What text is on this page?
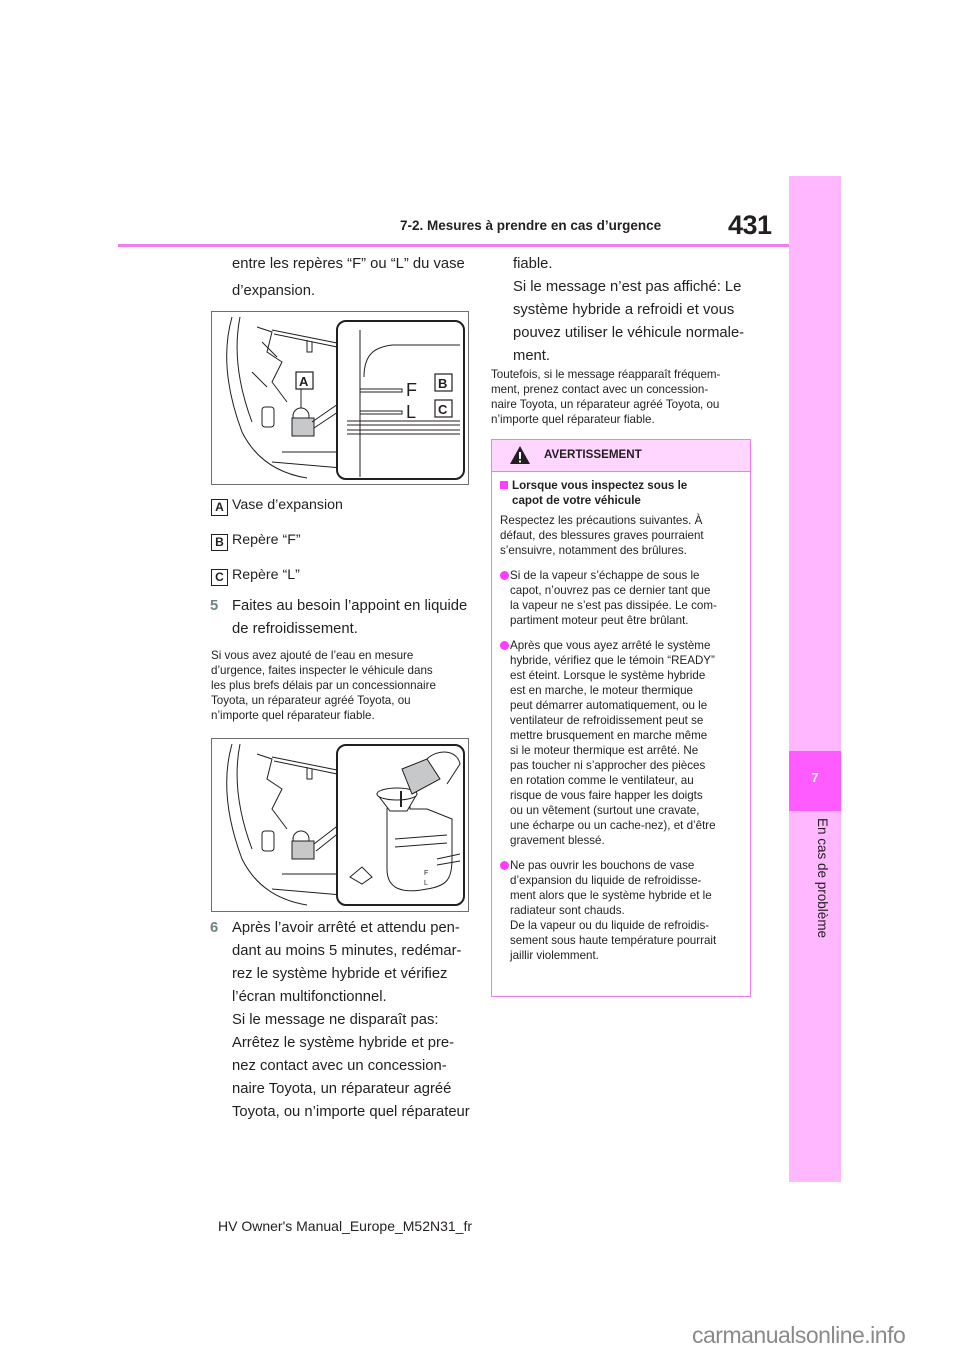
7-2. Mesures à prendre en cas d’urgence 431
7
En cas de problème
entre les repères “F” ou “L” du vase
d’expansion.
F
L
A	B
C
A Vase d’expansion
B Repère “F”
C Repère “L”
5 Faites au besoin l’appoint en liquide
de refroidissement.
Si vous avez ajouté de l’eau en mesure
d’urgence, faites inspecter le véhicule dans
les plus brefs délais par un concessionnaire
Toyota, un réparateur agréé Toyota, ou
n’importe quel réparateur fiable.
F
L
6 Après l’avoir arrêté et attendu pen-
dant au moins 5 minutes, redémar-
rez le système hybride et vérifiez
l’écran multifonctionnel.
Si le message ne disparaît pas:
Arrêtez le système hybride et pre-
nez contact avec un concession-
naire Toyota, un réparateur agréé
Toyota, ou n’importe quel réparateur
fiable.
Si le message n’est pas affiché: Le
système hybride a refroidi et vous
pouvez utiliser le véhicule normale-
ment.
Toutefois, si le message réapparaît fréquem-
ment, prenez contact avec un concession-
naire Toyota, un réparateur agréé Toyota, ou
n’importe quel réparateur fiable.
AVERTISSEMENT
Lorsque vous inspectez sous le
capot de votre véhicule
Respectez les précautions suivantes. À
défaut, des blessures graves pourraient
s’ensuivre, notamment des brûlures.
Si de la vapeur s’échappe de sous le
capot, n’ouvrez pas ce dernier tant que
la vapeur ne s’est pas dissipée. Le com-
partiment moteur peut être brûlant.
Après que vous ayez arrêté le système
hybride, vérifiez que le témoin “READY”
est éteint. Lorsque le système hybride
est en marche, le moteur thermique
peut démarrer automatiquement, ou le
ventilateur de refroidissement peut se
mettre brusquement en marche même
si le moteur thermique est arrêté. Ne
pas toucher ni s’approcher des pièces
en rotation comme le ventilateur, au
risque de vous faire happer les doigts
ou un vêtement (surtout une cravate,
une écharpe ou un cache-nez), et d’être
gravement blessé.
Ne pas ouvrir les bouchons de vase
d’expansion du liquide de refroidisse-
ment alors que le système hybride et le
radiateur sont chauds.
De la vapeur ou du liquide de refroidis-
sement sous haute température pourrait
jaillir violemment.
HV Owner's Manual_Europe_M52N31_fr
carmanualsonline.info
